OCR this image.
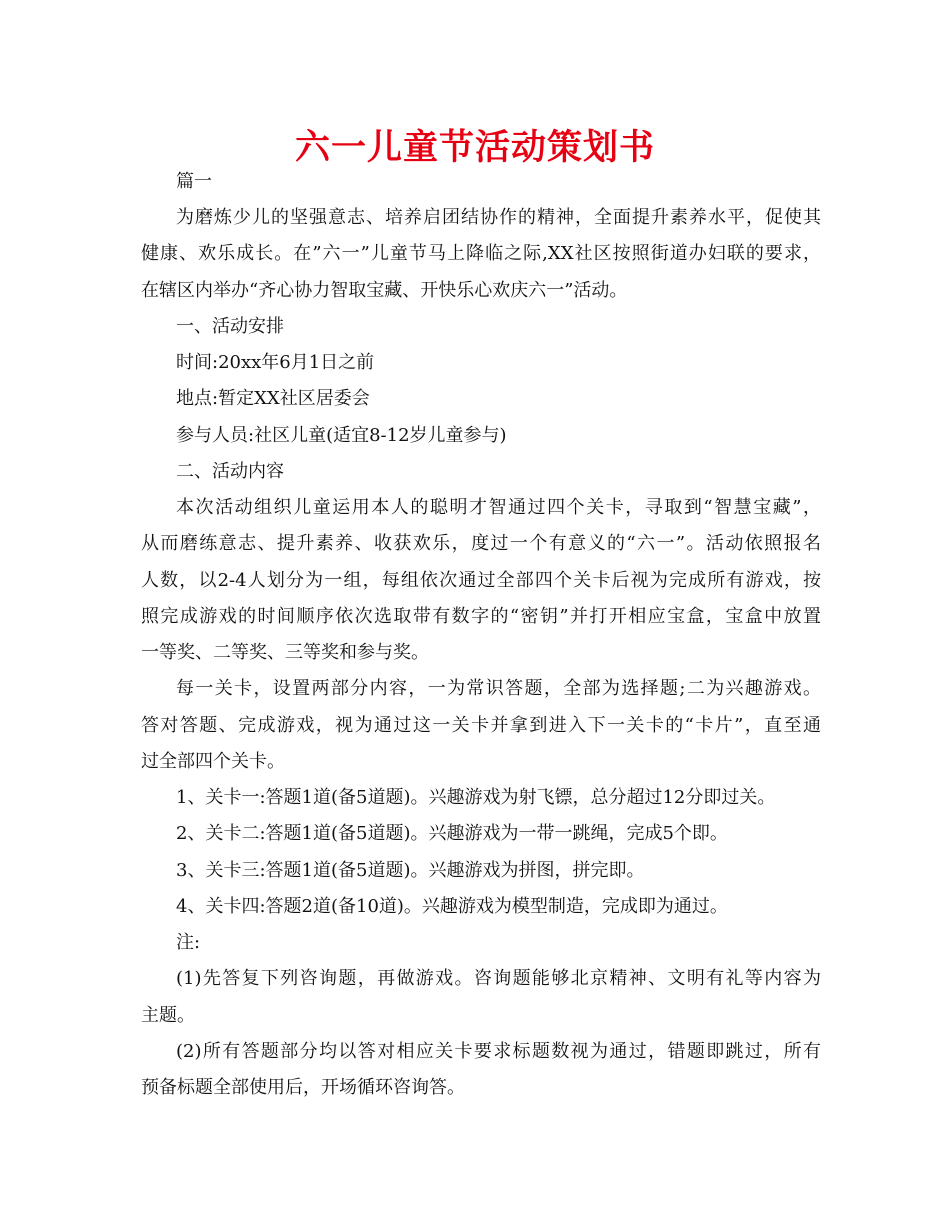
六一儿童节活动策划书
篇一
为磨炼少儿的坚强意志、培养启团结协作的精神，全面提升素养水平，促使其
健康、欢乐成长。在”六一”儿童节马上降临之际,XX社区按照街道办妇联的要求，
在辖区内举办“齐心协力智取宝藏、开快乐心欢庆六一”活动。
一、活动安排
时间:20xx年6月1日之前
地点:暂定XX社区居委会
参与人员:社区儿童(适宜8-12岁儿童参与)
二、活动内容
本次活动组织儿童运用本人的聪明才智通过四个关卡，寻取到“智慧宝藏”，
从而磨练意志、提升素养、收获欢乐，度过一个有意义的“六一”。活动依照报名
人数，以2-4人划分为一组，每组依次通过全部四个关卡后视为完成所有游戏，按
照完成游戏的时间顺序依次选取带有数字的“密钥”并打开相应宝盒，宝盒中放置
一等奖、二等奖、三等奖和参与奖。
每一关卡，设置两部分内容，一为常识答题，全部为选择题;二为兴趣游戏。
答对答题、完成游戏，视为通过这一关卡并拿到进入下一关卡的“卡片”，直至通
过全部四个关卡。
1、关卡一:答题1道(备5道题)。兴趣游戏为射飞镖，总分超过12分即过关。
2、关卡二:答题1道(备5道题)。兴趣游戏为一带一跳绳，完成5个即。
3、关卡三:答题1道(备5道题)。兴趣游戏为拼图，拼完即。
4、关卡四:答题2道(备10道)。兴趣游戏为模型制造，完成即为通过。
注:
(1)先答复下列咨询题，再做游戏。咨询题能够北京精神、文明有礼等内容为
主题。
(2)所有答题部分均以答对相应关卡要求标题数视为通过，错题即跳过，所有
预备标题全部使用后，开场循环咨询答。
